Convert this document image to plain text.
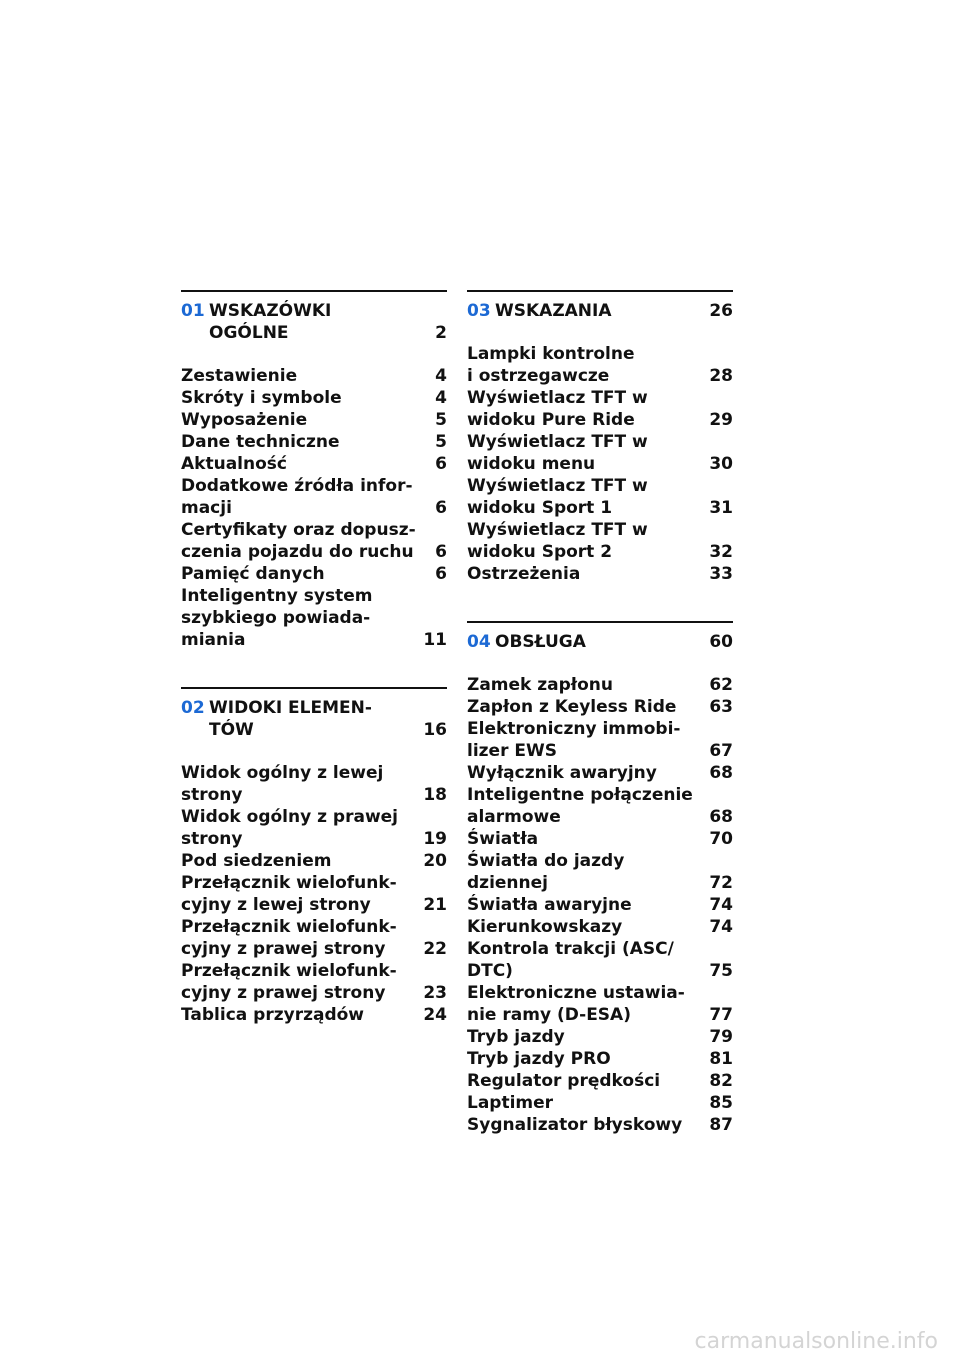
01 WSKAZÓWKI
OGÓLNE	2
Zestawienie	4
Skróty i symbole	4
Wyposażenie	5
Dane techniczne	5
Aktualność	6
Dodatkowe źródła infor-
macji	6
Certyfikaty oraz dopusz-
czenia pojazdu do ruchu	6
Pamięć danych	6
Inteligentny system
szybkiego powiada-
miania	11
02 WIDOKI ELEMEN-
TÓW	16
Widok ogólny z lewej
strony	18
Widok ogólny z prawej
strony	19
Pod siedzeniem	20
Przełącznik wielofunk-
cyjny z lewej strony	21
Przełącznik wielofunk-
cyjny z prawej strony	22
Przełącznik wielofunk-
cyjny z prawej strony	23
Tablica przyrządów	24
03 WSKAZANIA	26
Lampki kontrolne
i ostrzegawcze	28
Wyświetlacz TFT w
widoku Pure Ride	29
Wyświetlacz TFT w
widoku menu	30
Wyświetlacz TFT w
widoku Sport 1	31
Wyświetlacz TFT w
widoku Sport 2	32
Ostrzeżenia	33
04 OBSŁUGA	60
Zamek zapłonu	62
Zapłon z Keyless Ride	63
Elektroniczny immobi-
lizer EWS	67
Wyłącznik awaryjny	68
Inteligentne połączenie
alarmowe	68
Światła	70
Światła do jazdy
dziennej	72
Światła awaryjne	74
Kierunkowskazy	74
Kontrola trakcji (ASC/
DTC)	75
Elektroniczne ustawia-
nie ramy (D-ESA)	77
Tryb jazdy	79
Tryb jazdy PRO	81
Regulator prędkości	82
Laptimer	85
Sygnalizator błyskowy	87
carmanualsonline.info
